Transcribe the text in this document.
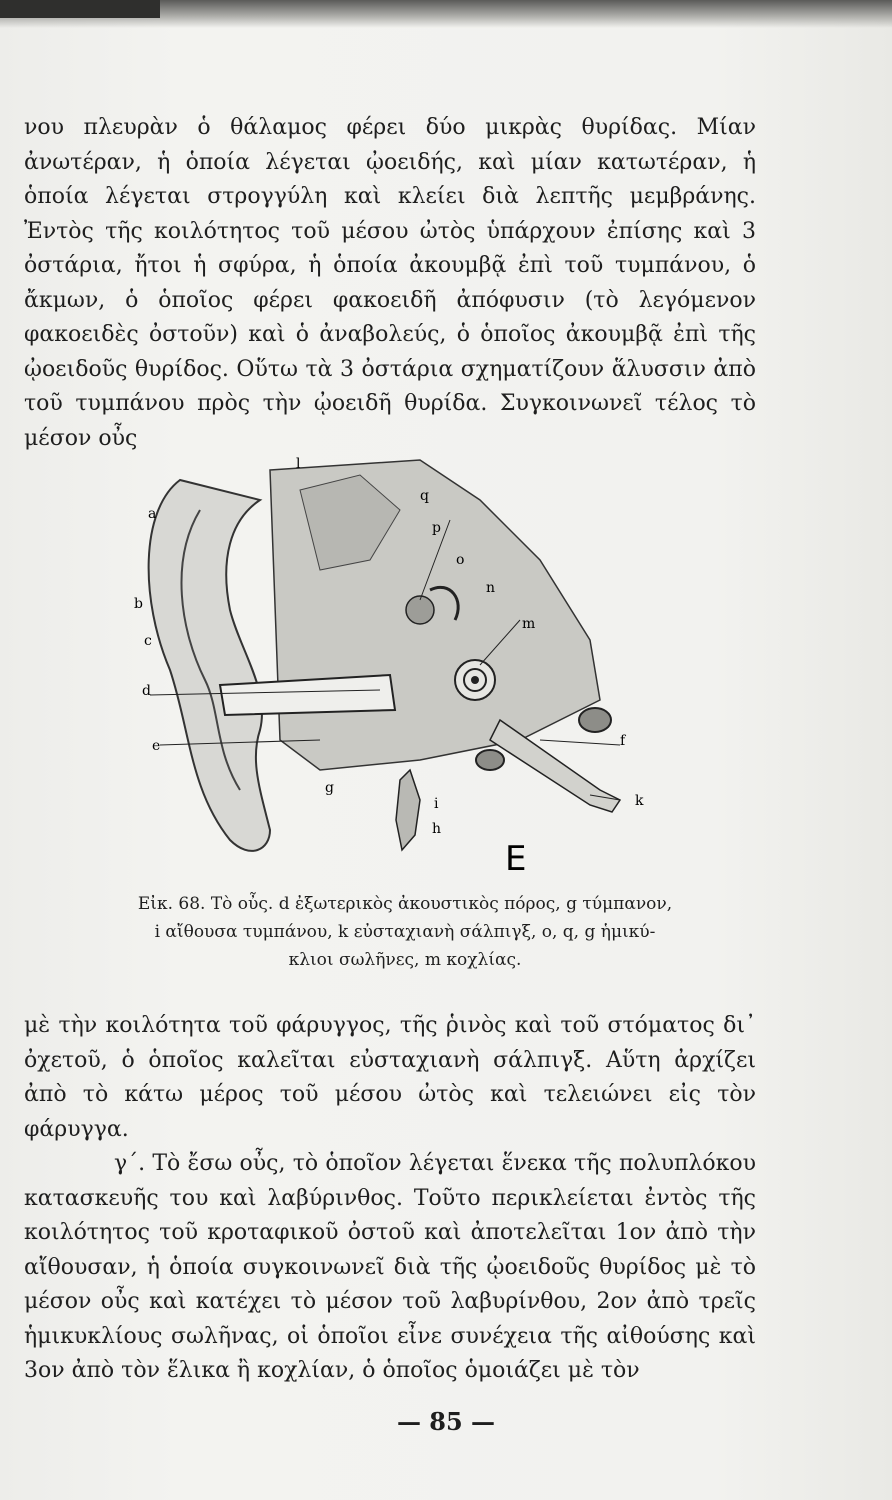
νου πλευρὰν ὁ θάλαμος φέρει δύο μικρὰς θυρίδας. Μίαν ἀνωτέραν, ἡ ὁποία λέγεται ᾠοειδής, καὶ μίαν κατωτέραν, ἡ ὁποία λέγεται στρογγύλη καὶ κλείει διὰ λεπτῆς μεμβράνης. Ἐντὸς τῆς κοιλότητος τοῦ μέσου ὠτὸς ὑπάρχουν ἐπίσης καὶ 3 ὀστάρια, ἤτοι ἡ σφύρα, ἡ ὁποία ἀκουμβᾷ ἐπὶ τοῦ τυμπάνου, ὁ ἄκμων, ὁ ὁποῖος φέρει φακοειδῆ ἀπόφυσιν (τὸ λεγόμενον φακοειδὲς ὀστοῦν) καὶ ὁ ἀναβολεύς, ὁ ὁποῖος ἀκουμβᾷ ἐπὶ τῆς ᾠοειδοῦς θυρίδος. Οὕτω τὰ 3 ὀστάρια σχηματίζουν ἅλυσσιν ἀπὸ τοῦ τυμπάνου πρὸς τὴν ᾠοειδῆ θυρίδα. Συγκοινωνεῖ τέλος τὸ μέσον οὖς

a
b
c
d
e	f
g
h
i	k
l
m
n
o
p
q
E
Εἰκ. 68. Τὸ οὖς. d ἐξωτερικὸς ἀκουστικὸς πόρος, g τύμπανον,
i αἴθουσα τυμπάνου, k εὐσταχιανὴ σάλπιγξ, o, q, g ἡμικύ-
κλιοι σωλῆνες, m κοχλίας.

μὲ τὴν κοιλότητα τοῦ φάρυγγος, τῆς ῥινὸς καὶ τοῦ στόματος δι᾽ ὀχετοῦ, ὁ ὁποῖος καλεῖται εὐσταχιανὴ σάλπιγξ. Αὕτη ἀρχίζει ἀπὸ τὸ κάτω μέρος τοῦ μέσου ὠτὸς καὶ τελειώνει εἰς τὸν φάρυγγα.

γ΄. Τὸ ἔσω οὖς, τὸ ὁποῖον λέγεται ἕνεκα τῆς πολυπλόκου κατασκευῆς του καὶ λαβύρινθος. Τοῦτο περικλείεται ἐντὸς τῆς κοιλότητος τοῦ κροταφικοῦ ὀστοῦ καὶ ἀποτελεῖται 1ον ἀπὸ τὴν αἴθουσαν, ἡ ὁποία συγκοινωνεῖ διὰ τῆς ᾠοειδοῦς θυρίδος μὲ τὸ μέσον οὖς καὶ κατέχει τὸ μέσον τοῦ λαβυρίνθου, 2ον ἀπὸ τρεῖς ἡμικυκλίους σωλῆνας, οἱ ὁποῖοι εἶνε συνέχεια τῆς αἰθούσης καὶ 3ον ἀπὸ τὸν ἕλικα ἢ κοχλίαν, ὁ ὁποῖος ὁμοιάζει μὲ τὸν

— 85 —
